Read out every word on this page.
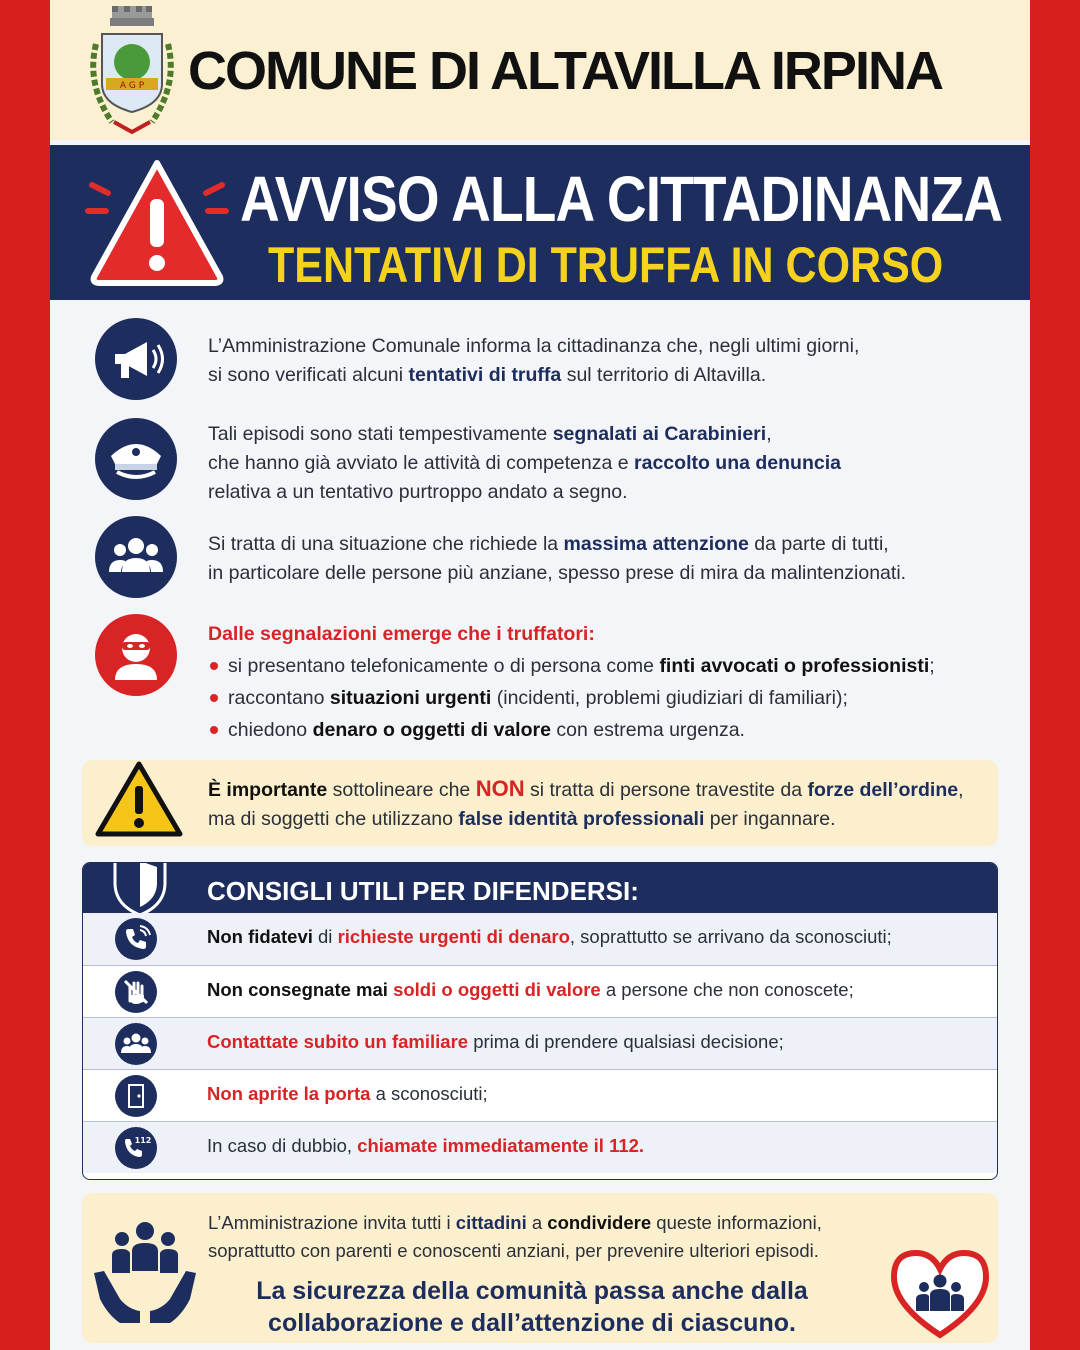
A G P COMUNE DI ALTAVILLA IRPINA
AVVISO ALLA CITTADINANZA
TENTATIVI DI TRUFFA IN CORSO
L’Amministrazione Comunale informa la cittadinanza che, negli ultimi giorni,
si sono verificati alcuni tentativi di truffa sul territorio di Altavilla.
Tali episodi sono stati tempestivamente segnalati ai Carabinieri,
che hanno già avviato le attività di competenza e raccolto una denuncia
relativa a un tentativo purtroppo andato a segno.
Si tratta di una situazione che richiede la massima attenzione da parte di tutti,
in particolare delle persone più anziane, spesso prese di mira da malintenzionati.
Dalle segnalazioni emerge che i truffatori:
si presentano telefonicamente o di persona come finti avvocati o professionisti;
raccontano situazioni urgenti (incidenti, problemi giudiziari di familiari);
chiedono denaro o oggetti di valore con estrema urgenza.
È importante sottolineare che NON si tratta di persone travestite da forze dell’ordine,
ma di soggetti che utilizzano false identità professionali per ingannare.
CONSIGLI UTILI PER DIFENDERSI:
Non fidatevi di richieste urgenti di denaro, soprattutto se arrivano da sconosciuti;
Non consegnate mai soldi o oggetti di valore a persone che non conoscete;
Contattate subito un familiare prima di prendere qualsiasi decisione;
Non aprite la porta a sconosciuti;
112	In caso di dubbio, chiamate immediatamente il 112.
L’Amministrazione invita tutti i cittadini a condividere queste informazioni,
soprattutto con parenti e conoscenti anziani, per prevenire ulteriori episodi.
La sicurezza della comunità passa anche dalla
collaborazione e dall’attenzione di ciascuno.
